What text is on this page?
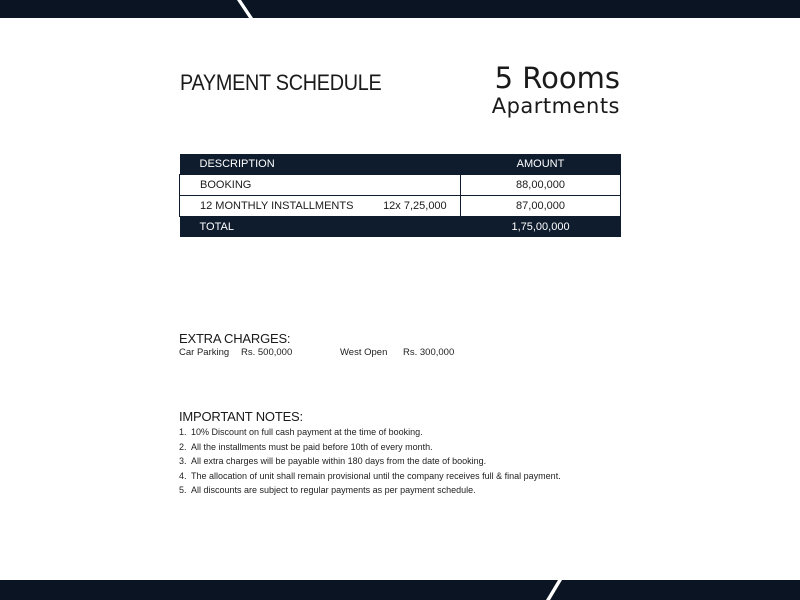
PAYMENT SCHEDULE	5 Rooms
Apartments
DESCRIPTION		AMOUNT
BOOKING		88,00,000
12 MONTHLY INSTALLMENTS	12x 7,25,000	87,00,000
TOTAL		1,75,00,000
EXTRA CHARGES:
Car Parking Rs. 500,000	West Open Rs. 300,000
IMPORTANT NOTES:
1. 10% Discount on full cash payment at the time of booking.
2. All the installments must be paid before 10th of every month.
3. All extra charges will be payable within 180 days from the date of booking.
4. The allocation of unit shall remain provisional until the company receives full & final payment.
5. All discounts are subject to regular payments as per payment schedule.
